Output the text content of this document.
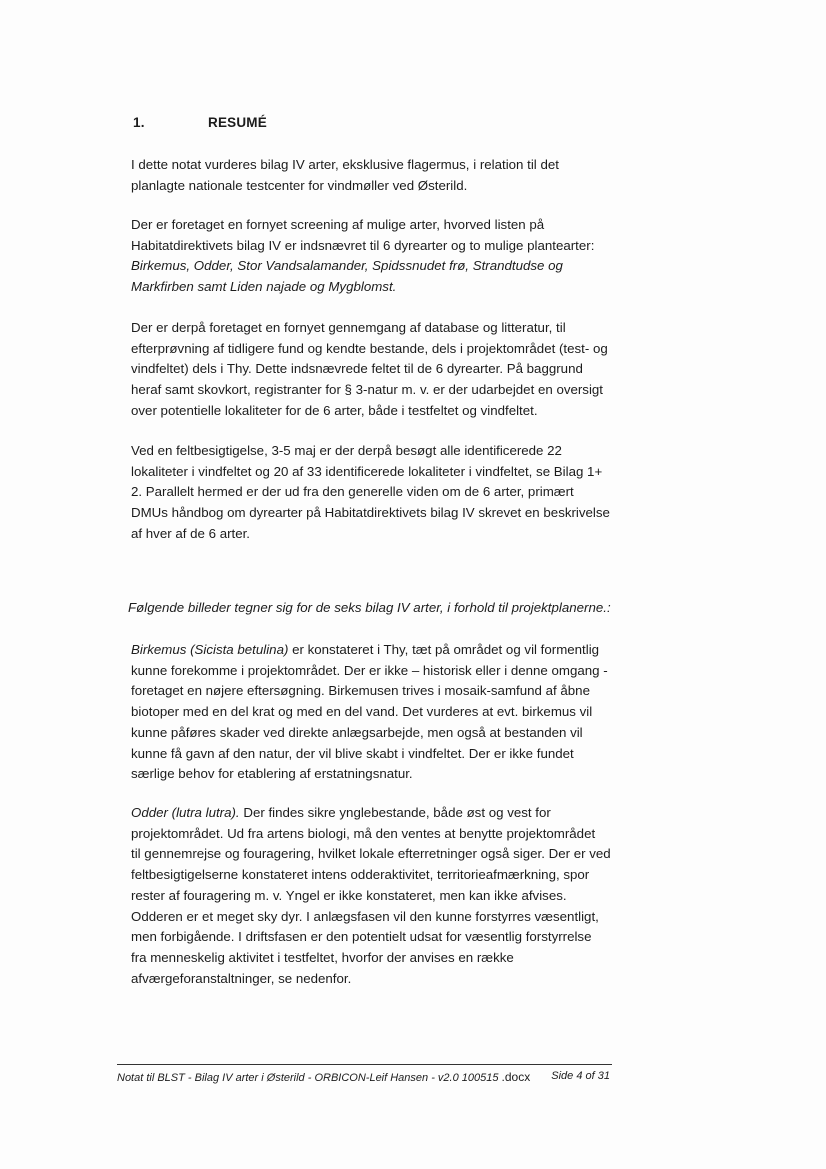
1.	RESUMÉ

I dette notat vurderes bilag IV arter, eksklusive flagermus, i relation til det
planlagte nationale testcenter for vindmøller ved Østerild.

Der er foretaget en fornyet screening af mulige arter, hvorved listen på
Habitatdirektivets bilag IV er indsnævret til 6 dyrearter og to mulige plantearter:
Birkemus, Odder, Stor Vandsalamander, Spidssnudet frø, Strandtudse og
Markfirben samt Liden najade og Mygblomst.

Der er derpå foretaget en fornyet gennemgang af database og litteratur, til
efterprøvning af tidligere fund og kendte bestande, dels i projektområdet (test- og
vindfeltet) dels i Thy. Dette indsnævrede feltet til de 6 dyrearter. På baggrund
heraf samt skovkort, registranter for § 3-natur m. v. er der udarbejdet en oversigt
over potentielle lokaliteter for de 6 arter, både i testfeltet og vindfeltet.

Ved en feltbesigtigelse, 3-5 maj er der derpå besøgt alle identificerede 22
lokaliteter i vindfeltet og 20 af 33 identificerede lokaliteter i vindfeltet, se Bilag 1+
2. Parallelt hermed er der ud fra den generelle viden om de 6 arter, primært
DMUs håndbog om dyrearter på Habitatdirektivets bilag IV skrevet en beskrivelse
af hver af de 6 arter.

Følgende billeder tegner sig for de seks bilag IV arter, i forhold til projektplanerne.:

Birkemus (Sicista betulina) er konstateret i Thy, tæt på området og vil formentlig
kunne forekomme i projektområdet. Der er ikke – historisk eller i denne omgang -
foretaget en nøjere eftersøgning. Birkemusen trives i mosaik-samfund af åbne
biotoper med en del krat og med en del vand. Det vurderes at evt. birkemus vil
kunne påføres skader ved direkte anlægsarbejde, men også at bestanden vil
kunne få gavn af den natur, der vil blive skabt i vindfeltet. Der er ikke fundet
særlige behov for etablering af erstatningsnatur.

Odder (lutra lutra). Der findes sikre ynglebestande, både øst og vest for
projektområdet. Ud fra artens biologi, må den ventes at benytte projektområdet
til gennemrejse og fouragering, hvilket lokale efterretninger også siger. Der er ved
feltbesigtigelserne konstateret intens odderaktivitet, territorieafmærkning, spor
rester af fouragering m. v. Yngel er ikke konstateret, men kan ikke afvises.
Odderen er et meget sky dyr. I anlægsfasen vil den kunne forstyrres væsentligt,
men forbigående. I driftsfasen er den potentielt udsat for væsentlig forstyrrelse
fra menneskelig aktivitet i testfeltet, hvorfor der anvises en række
afværgeforanstaltninger, se nedenfor.

Notat til BLST - Bilag IV arter i Østerild - ORBICON-Leif Hansen - v2.0 100515 .docx Side 4 of 31
